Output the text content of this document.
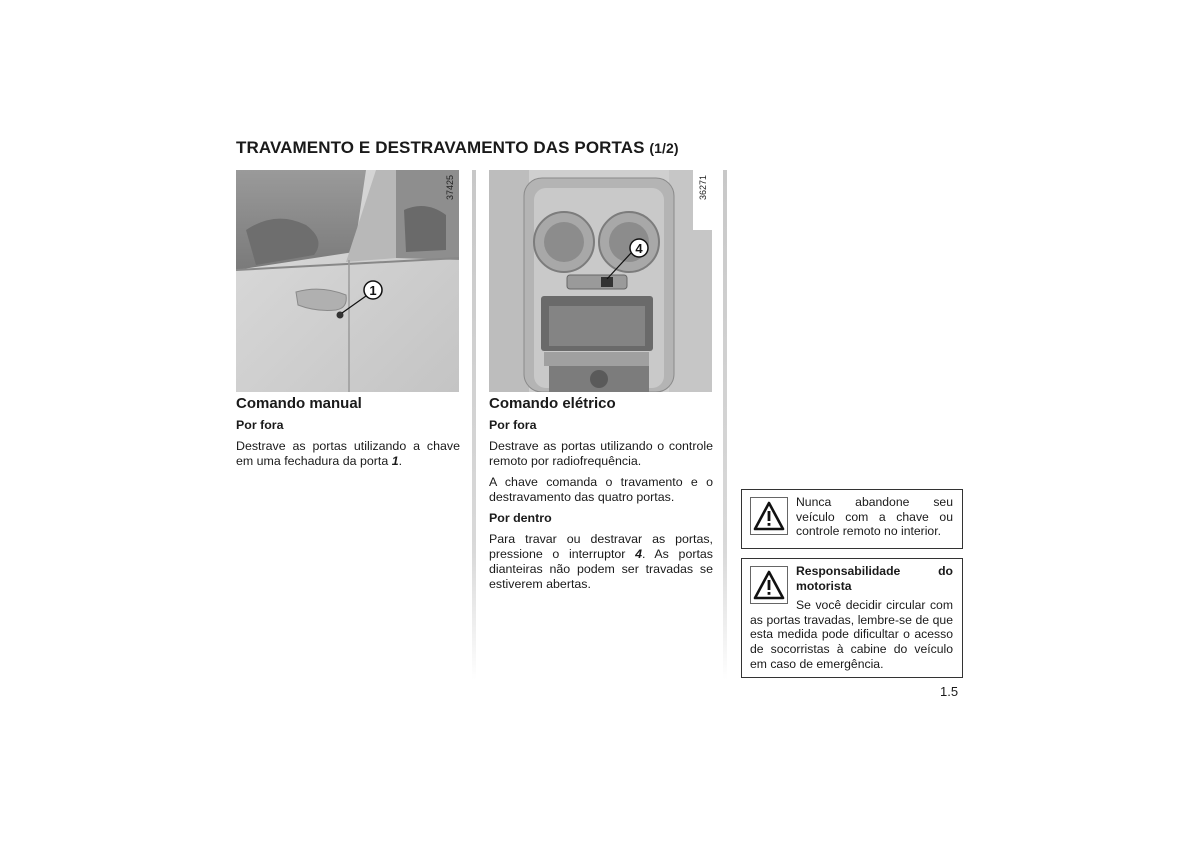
TRAVAMENTO E DESTRAVAMENTO DAS PORTAS (1/2)
1
37425
4
36271
Comando manual
Por fora

Destrave as portas utilizando a chave em uma fechadura da porta 1.

Comando elétrico
Por fora

Destrave as portas utilizando o controle remoto por radiofrequência.

A chave comanda o travamento e o destravamento das quatro portas.

Por dentro

Para travar ou destravar as portas, pressione o interruptor 4. As portas dianteiras não podem ser travadas se estiverem abertas.

Nunca abandone seu veículo com a chave ou controle remoto no interior.

Responsabilidade do motorista

Se você decidir circular com as portas travadas, lembre-se de que esta medida pode dificultar o acesso de socorristas à cabine do veículo em caso de emergência.

1.5
